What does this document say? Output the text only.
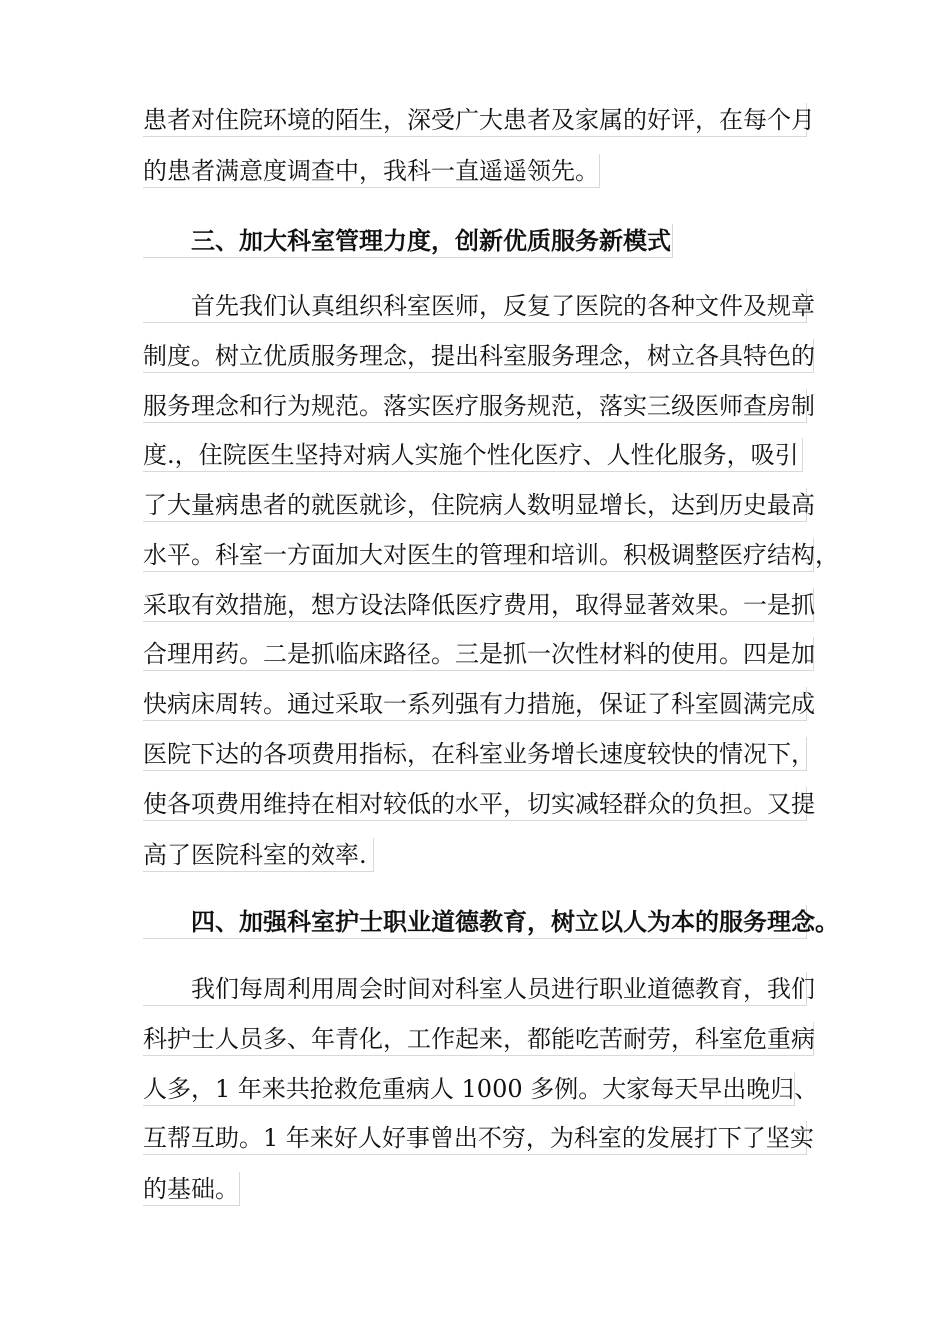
患者对住院环境的陌生，深受广大患者及家属的好评，在每个月
的患者满意度调查中，我科一直遥遥领先。
三、加大科室管理力度，创新优质服务新模式
首先我们认真组织科室医师，反复了医院的各种文件及规章
制度。树立优质服务理念，提出科室服务理念，树立各具特色的
服务理念和行为规范。落实医疗服务规范，落实三级医师查房制
度.，住院医生坚持对病人实施个性化医疗、人性化服务，吸引
了大量病患者的就医就诊，住院病人数明显增长，达到历史最高
水平。科室一方面加大对医生的管理和培训。积极调整医疗结构，
采取有效措施，想方设法降低医疗费用，取得显著效果。一是抓
合理用药。二是抓临床路径。三是抓一次性材料的使用。四是加
快病床周转。通过采取一系列强有力措施，保证了科室圆满完成
医院下达的各项费用指标，在科室业务增长速度较快的情况下，
使各项费用维持在相对较低的水平，切实减轻群众的负担。又提
高了医院科室的效率.
四、加强科室护士职业道德教育，树立以人为本的服务理念。
我们每周利用周会时间对科室人员进行职业道德教育，我们
科护士人员多、年青化，工作起来，都能吃苦耐劳，科室危重病
人多，1 年来共抢救危重病人 1000 多例。大家每天早出晚归、
互帮互助。1 年来好人好事曾出不穷，为科室的发展打下了坚实
的基础。
